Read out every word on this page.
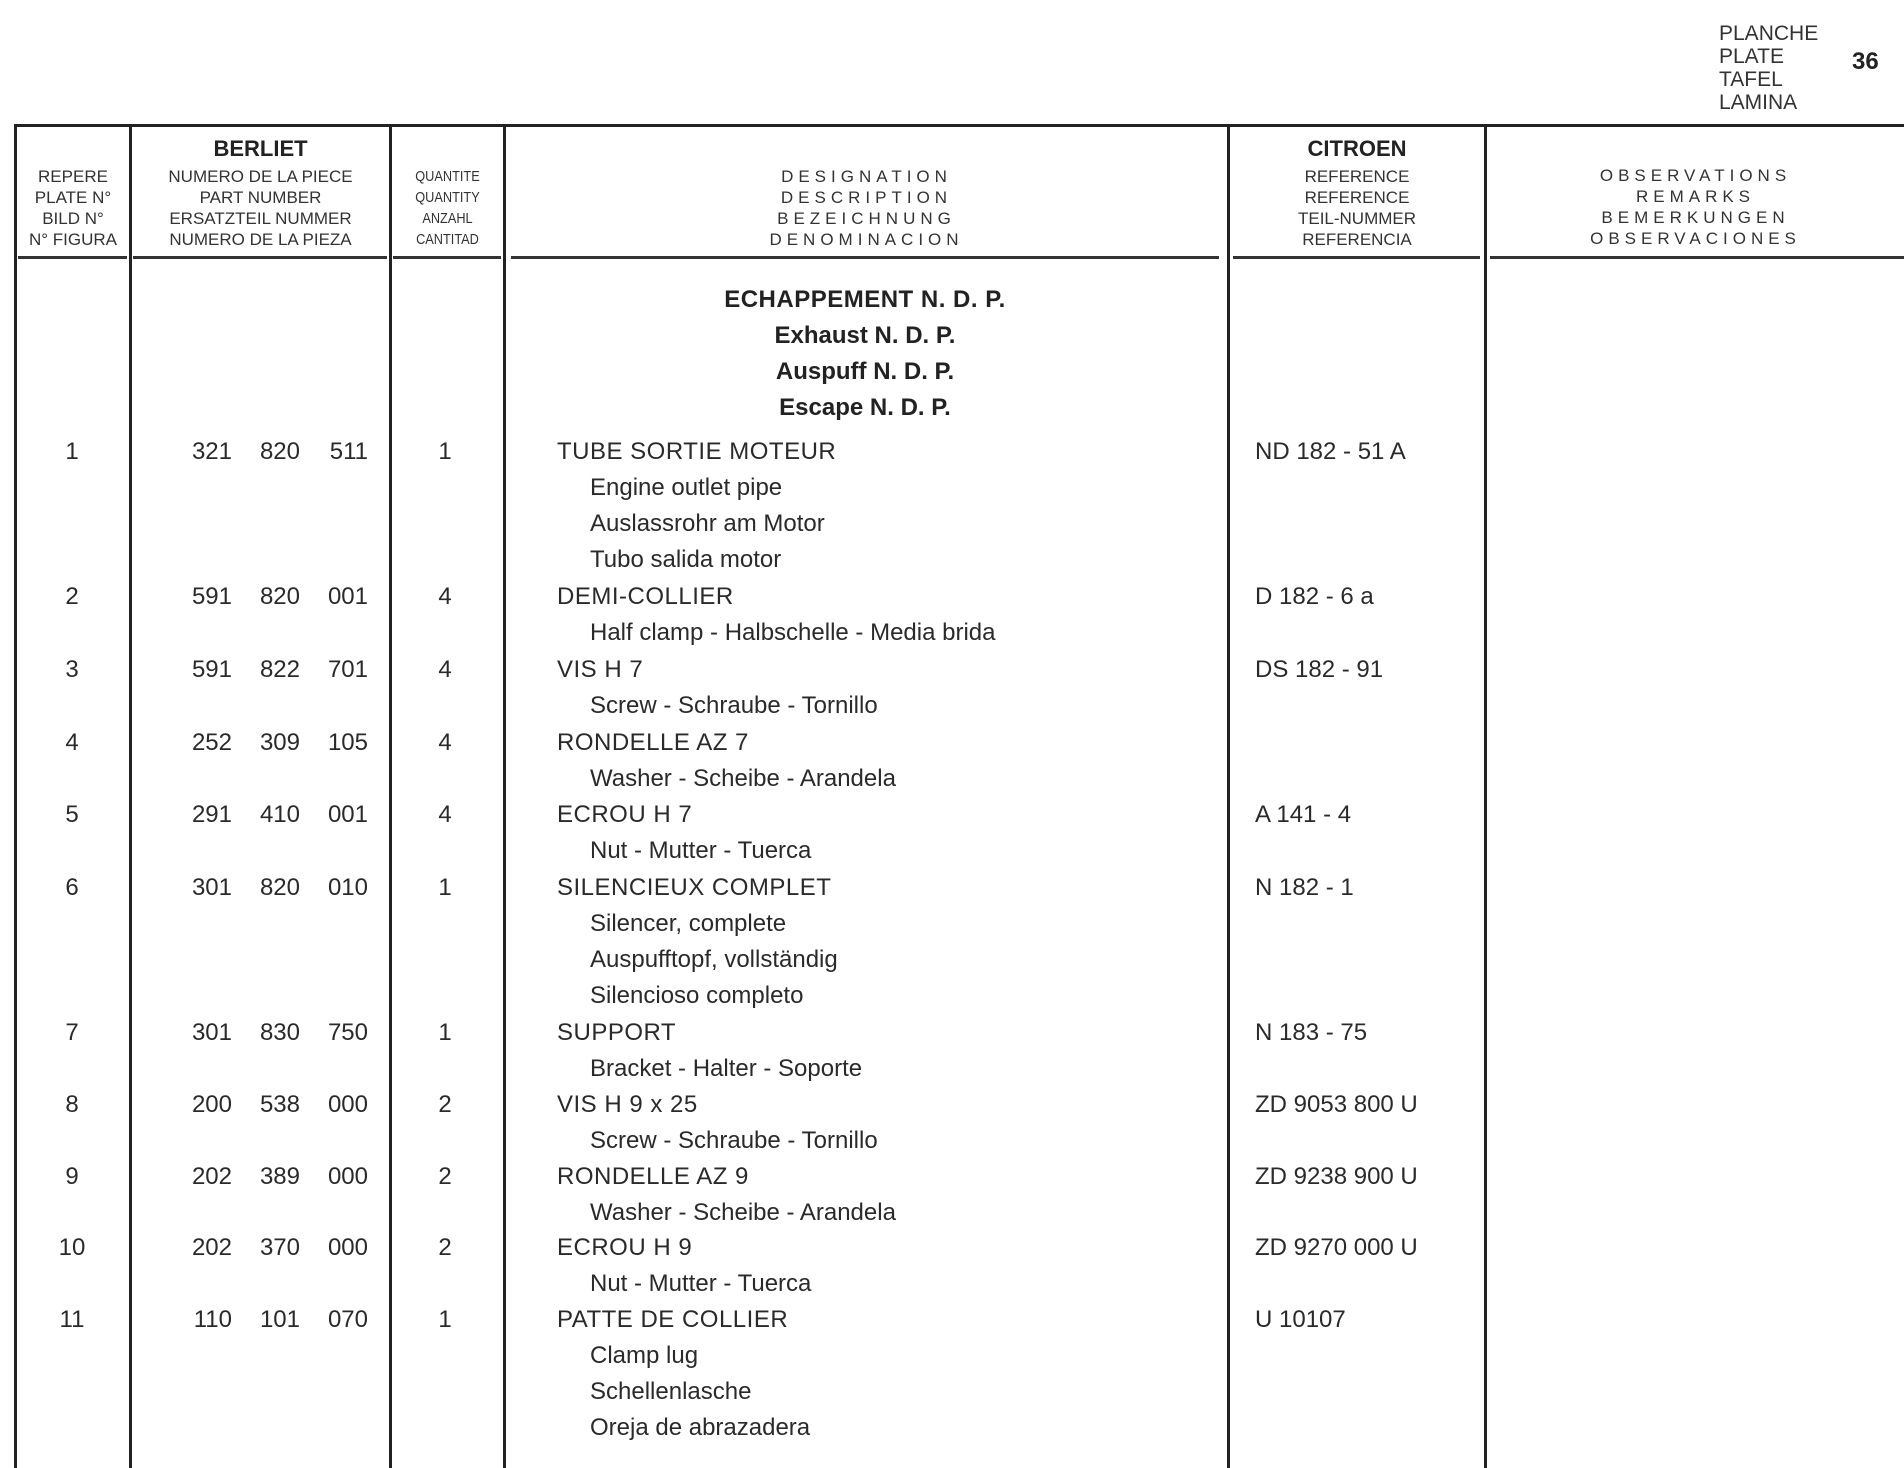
PLANCHE
PLATE
TAFEL
LAMINA
36
REPERE
PLATE N°
BILD N°
N° FIGURA
BERLIET
NUMERO DE LA PIECE
PART NUMBER
ERSATZTEIL NUMMER
NUMERO DE LA PIEZA
QUANTITE
QUANTITY
ANZAHL
CANTITAD
DESIGNATION
DESCRIPTION
BEZEICHNUNG
DENOMINACION
CITROEN
REFERENCE
REFERENCE
TEIL-NUMMER
REFERENCIA
OBSERVATIONS
REMARKS
BEMERKUNGEN
OBSERVACIONES
ECHAPPEMENT N. D. P.
Exhaust N. D. P.
Auspuff N. D. P.
Escape N. D. P.
1	321	820	511	1	TUBE SORTIE MOTEUR	ND 182 - 51 A
Engine outlet pipe
Auslassrohr am Motor
Tubo salida motor
2	591	820	001	4	DEMI-COLLIER	D 182 - 6 a
Half clamp - Halbschelle - Media brida
3	591	822	701	4	VIS H 7	DS 182 - 91
Screw - Schraube - Tornillo
4	252	309	105	4	RONDELLE AZ 7
Washer - Scheibe - Arandela
5	291	410	001	4	ECROU H 7	A 141 - 4
Nut - Mutter - Tuerca
6	301	820	010	1	SILENCIEUX COMPLET	N 182 - 1
Silencer, complete
Auspufftopf, vollständig
Silencioso completo
7	301	830	750	1	SUPPORT	N 183 - 75
Bracket - Halter - Soporte
8	200	538	000	2	VIS H 9 x 25	ZD 9053 800 U
Screw - Schraube - Tornillo
9	202	389	000	2	RONDELLE AZ 9	ZD 9238 900 U
Washer - Scheibe - Arandela
10	202	370	000	2	ECROU H 9	ZD 9270 000 U
Nut - Mutter - Tuerca
11	110	101	070	1	PATTE DE COLLIER	U 10107
Clamp lug
Schellenlasche
Oreja de abrazadera
